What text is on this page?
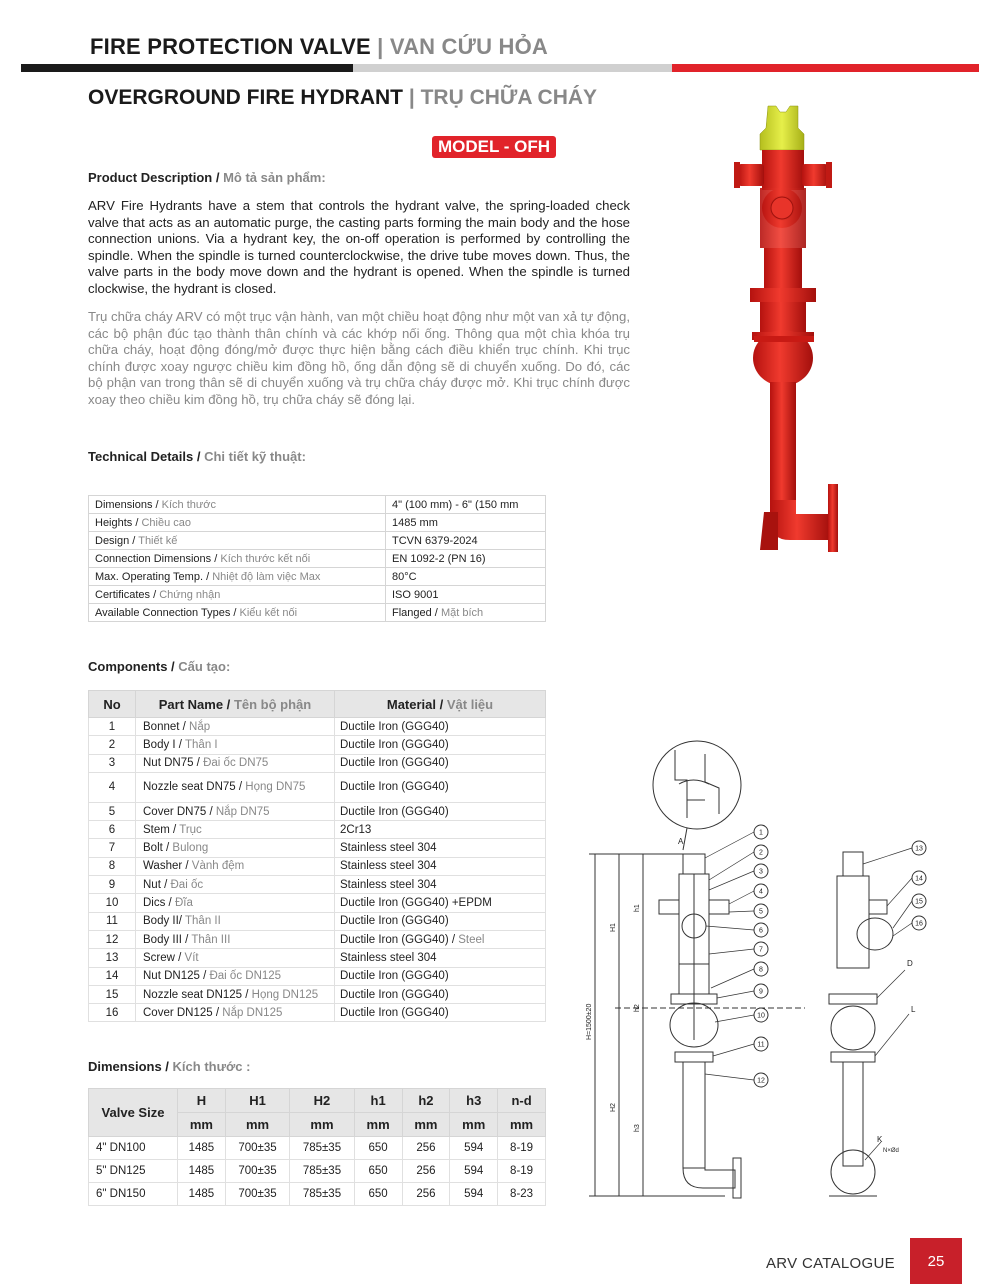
FIRE PROTECTION VALVE | VAN CỨU HỎA
OVERGROUND FIRE HYDRANT | TRỤ CHỮA CHÁY
MODEL - OFH
Product Description / Mô tả sản phẩm:
ARV Fire Hydrants have a stem that controls the hydrant valve, the spring-loaded check valve that acts as an automatic purge, the casting parts forming the main body and the hose connection unions. Via a hydrant key, the on-off operation is performed by controlling the spindle. When the spindle is turned counterclockwise, the drive tube moves down. Thus, the valve parts in the body move down and the hydrant is opened. When the spindle is turned clockwise, the hydrant is closed.
Trụ chữa cháy ARV có một trục vận hành, van một chiều hoạt động như một van xả tự động, các bộ phận đúc tạo thành thân chính và các khớp nối ống. Thông qua một chìa khóa trụ chữa cháy, hoạt động đóng/mở được thực hiện bằng cách điều khiển trục chính. Khi trục chính được xoay ngược chiều kim đồng hồ, ống dẫn động sẽ di chuyển xuống. Do đó, các bộ phận van trong thân sẽ di chuyển xuống và trụ chữa cháy được mở. Khi trục chính được xoay theo chiều kim đồng hồ, trụ chữa cháy sẽ đóng lại.
Technical Details / Chi tiết kỹ thuật:
Dimensions / Kích thước	4" (100 mm) - 6" (150 mm
Heights / Chiều cao	1485 mm
Design / Thiết kế	TCVN 6379-2024
Connection Dimensions / Kích thước kết nối	EN 1092-2 (PN 16)
Max. Operating Temp. / Nhiệt độ làm việc Max	80°C
Certificates / Chứng nhận	ISO 9001
Available Connection Types / Kiểu kết nối	Flanged / Mặt bích
Components / Cấu tạo:
No	Part Name / Tên bộ phận	Material / Vật liệu
1	Bonnet / Nắp	Ductile Iron (GGG40)
2	Body I / Thân I	Ductile Iron (GGG40)
3	Nut DN75 / Đai ốc DN75	Ductile Iron (GGG40)
4	Nozzle seat DN75 / Họng DN75	Ductile Iron (GGG40)
5	Cover DN75 / Nắp DN75	Ductile Iron (GGG40)
6	Stem / Trục	2Cr13
7	Bolt / Bulong	Stainless steel 304
8	Washer / Vành đệm	Stainless steel 304
9	Nut / Đai ốc	Stainless steel 304
10	Dics / Đĩa	Ductile Iron (GGG40) +EPDM
11	Body II/ Thân II	Ductile Iron (GGG40)
12	Body III / Thân III	Ductile Iron (GGG40) / Steel
13	Screw / Vít	Stainless steel 304
14	Nut DN125 / Đai ốc DN125	Ductile Iron (GGG40)
15	Nozzle seat DN125 / Họng DN125	Ductile Iron (GGG40)
16	Cover DN125 / Nắp DN125	Ductile Iron (GGG40)
Dimensions / Kích thước :
Valve Size	H	H1	H2	h1	h2	h3	n-d
	mm	mm	mm	mm	mm	mm	mm
4" DN100	1485	700±35	785±35	650	256	594	8-19
5" DN125	1485	700±35	785±35	650	256	594	8-19
6" DN150	1485	700±35	785±35	650	256	594	8-23
1
2
3
4
5
6
7
8
9
10
11
12
13
14
15
16
A
D
L
K
N×Ød
H=1500±20
H1
H2
h1
h2
h3
ARV CATALOGUE	25
